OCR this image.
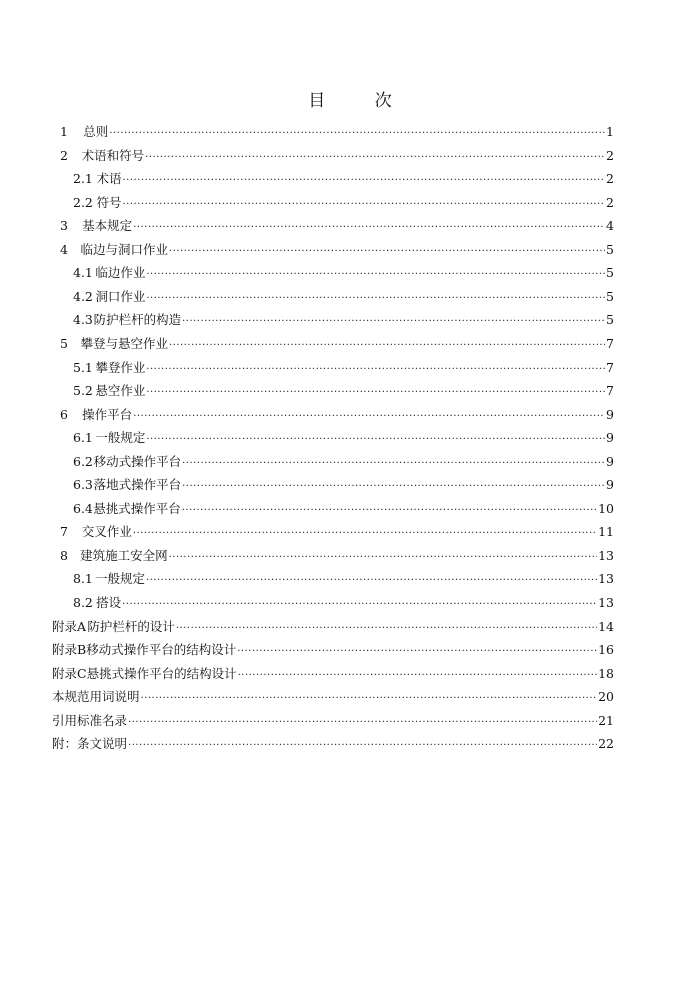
目 次
1	总则 ·····	1
2	术语和符号 ·····	2
2.1 术语 ·····	2
2.2 符号 ·····	2
3	基本规定 ·····	4
4	临边与洞口作业 ·····	5
4.1 临边作业 ·····	5
4.2 洞口作业 ·····	5
4.3 防护栏杆的构造 ·····	5
5	攀登与悬空作业 ·····	7
5.1 攀登作业 ·····	7
5.2 悬空作业 ·····	7
6	操作平台 ·····	9
6.1 一般规定 ·····	9
6.2 移动式操作平台 ·····	9
6.3 落地式操作平台 ·····	9
6.4 悬挑式操作平台 ·····	10
7	交叉作业 ·····	11
8 建筑施工安全网 ·····	13
8.1 一般规定 ·····	13
8.2 搭设 ·····	13
附录A 防护栏杆的设计 ·····	14
附录B 移动式操作平台的结构设计 ·····	16
附录C 悬挑式操作平台的结构设计 ·····	18
本规范用词说明 ·····	20
引用标准名录 ·····	21
附：条文说明 ·····	22
